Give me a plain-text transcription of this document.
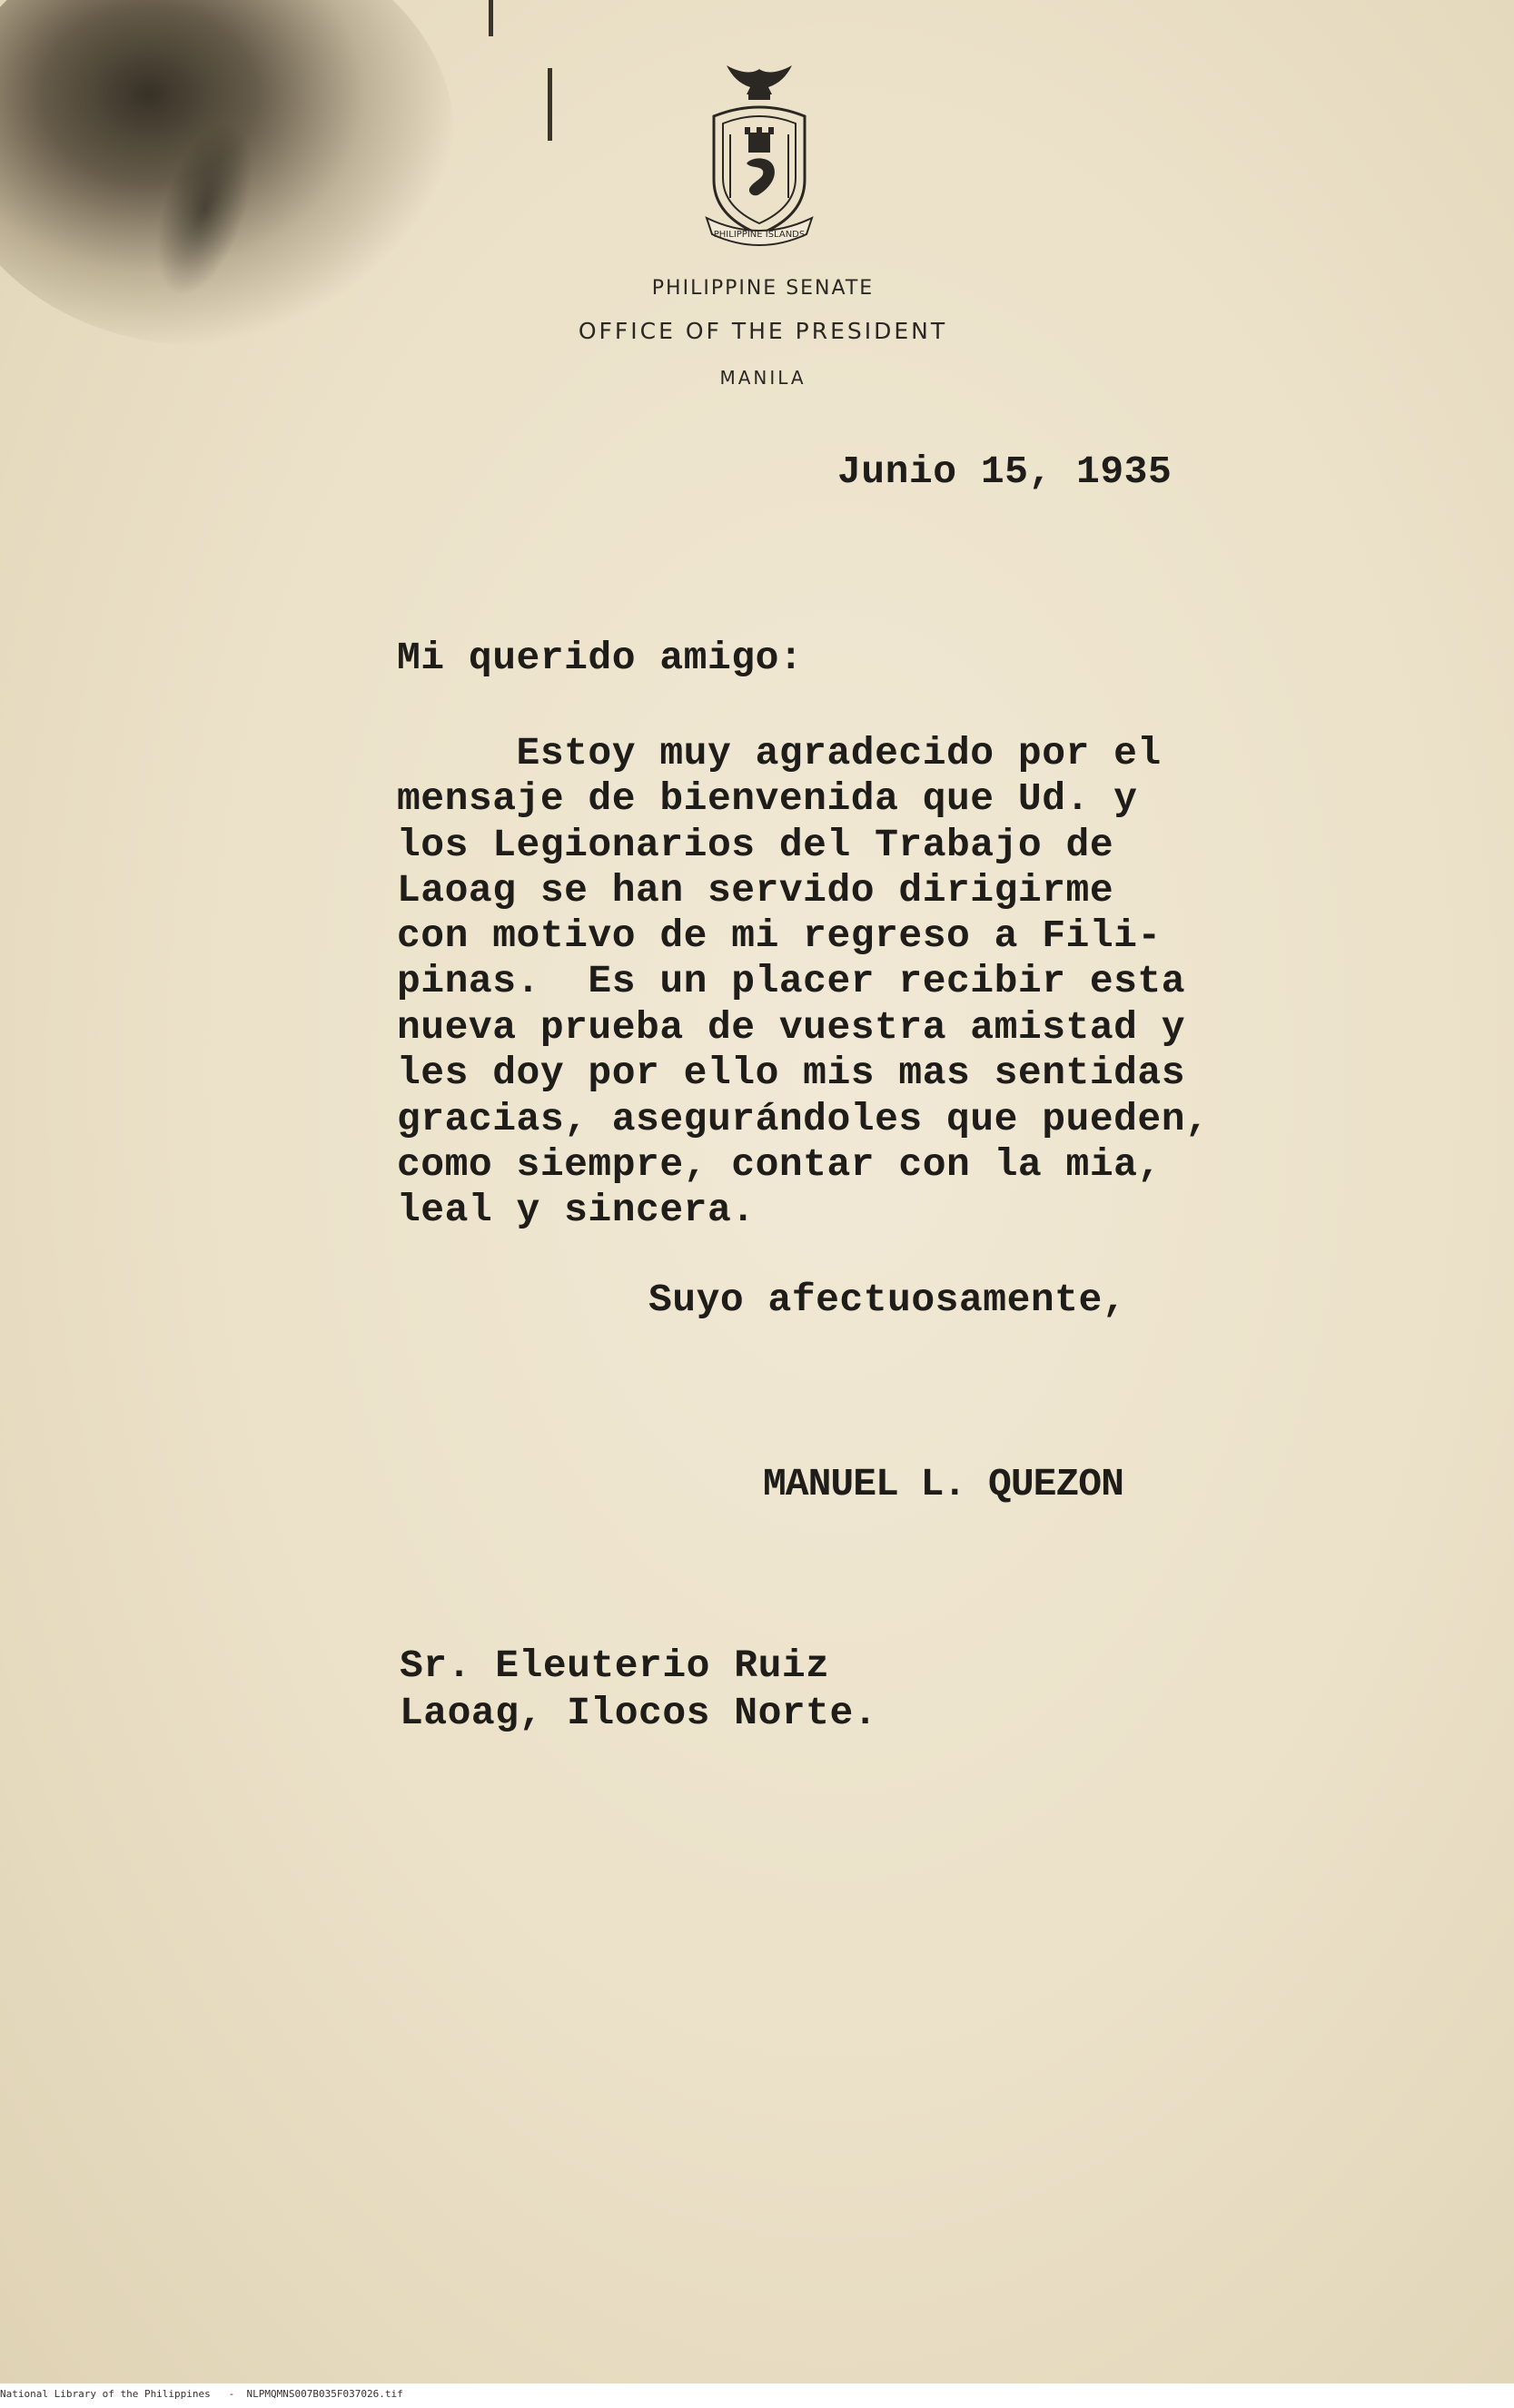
PHILIPPINE ISLANDS
PHILIPPINE SENATE
OFFICE OF THE PRESIDENT
MANILA
Junio 15, 1935
Mi querido amigo:
Estoy muy agradecido por el
mensaje de bienvenida que Ud. y
los Legionarios del Trabajo de
Laoag se han servido dirigirme
con motivo de mi regreso a Fili-
pinas.  Es un placer recibir esta
nueva prueba de vuestra amistad y
les doy por ello mis mas sentidas
gracias, asegurándoles que pueden,
como siempre, contar con la mia,
leal y sincera.
Suyo afectuosamente,
MANUEL L. QUEZON
Sr. Eleuterio Ruiz
Laoag, Ilocos Norte.
National Library of the Philippines   -  NLPMQMNS007B035F037026.tif
